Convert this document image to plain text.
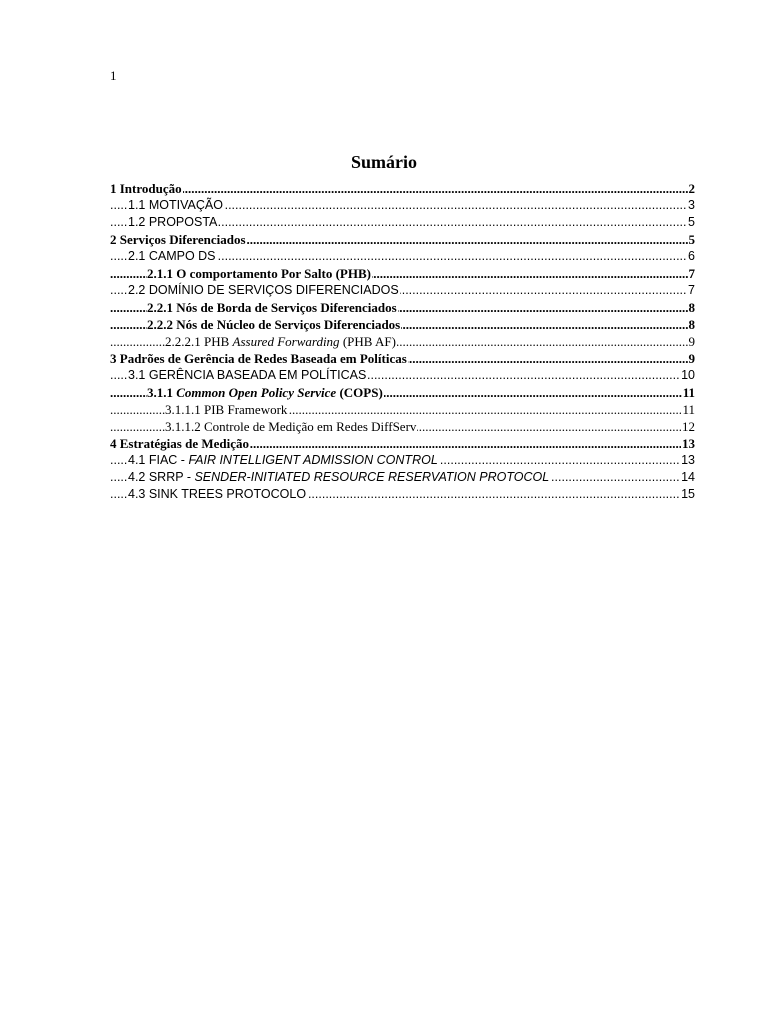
1
Sumário
..... 1 Introdução	2
..... 1.1 MOTIVAÇÃO	3
..... 1.2 PROPOSTA	5
..... 2 Serviços Diferenciados	5
..... 2.1 CAMPO DS	6
..... 2.1.1 O comportamento Por Salto (PHB)	7
..... 2.2 DOMÍNIO DE SERVIÇOS DIFERENCIADOS	7
..... 2.2.1 Nós de Borda de Serviços Diferenciados	8
..... 2.2.2 Nós de Núcleo de Serviços Diferenciados	8
..... 2.2.2.1 PHB Assured Forwarding (PHB AF)	9
..... 3 Padrões de Gerência de Redes Baseada em Políticas	9
..... 3.1 GERÊNCIA BASEADA EM POLÍTICAS	10
..... 3.1.1 Common Open Policy Service (COPS)	11
..... 3.1.1.1 PIB Framework	11
..... 3.1.1.2 Controle de Medição em Redes DiffServ	12
..... 4 Estratégias de Medição	13
..... 4.1 FIAC - FAIR INTELLIGENT ADMISSION CONTROL	13
..... 4.2 SRRP - SENDER-INITIATED RESOURCE RESERVATION PROTOCOL	14
..... 4.3 SINK TREES PROTOCOLO	15
